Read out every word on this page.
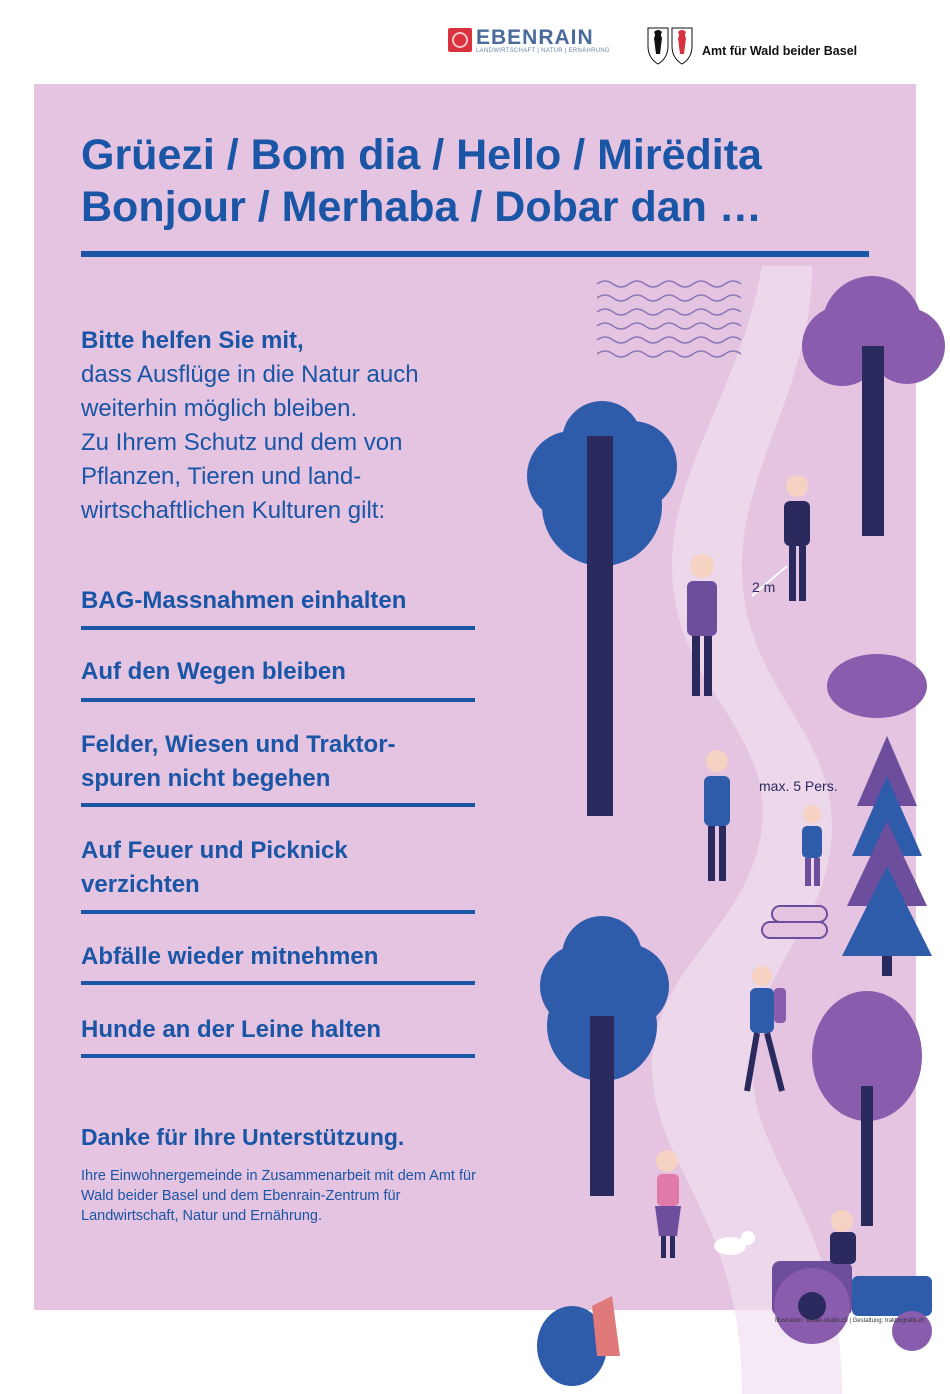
EBENRAIN
LANDWIRTSCHAFT | NATUR | ERNÄHRUNG	Amt für Wald beider Basel
Grüezi / Bom dia / Hello / Mirëdita
Bonjour / Merhaba / Dobar dan …
Bitte helfen Sie mit,
dass Ausflüge in die Natur auch
weiterhin möglich bleiben.
Zu Ihrem Schutz und dem von
Pflanzen, Tieren und land-
wirtschaftlichen Kulturen gilt:
BAG-Massnahmen einhalten
Auf den Wegen bleiben
Felder, Wiesen und Traktor-
spuren nicht begehen
Auf Feuer und Picknick
verzichten
Abfälle wieder mitnehmen
Hunde an der Leine halten
Danke für Ihre Unterstützung.
Ihre Einwohnergemeinde in Zusammenarbeit mit dem Amt für Wald beider Basel und dem Ebenrain-Zentrum für Landwirtschaft, Natur und Ernährung.
2 m
max. 5 Pers.
Illustration: studio-studio.ch | Gestaltung: traktorgrafik.ch
